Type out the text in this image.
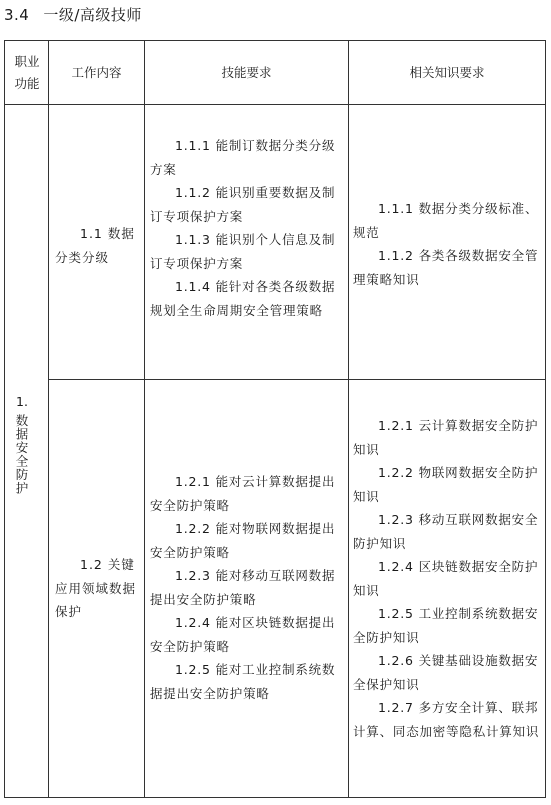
3.4 一级/高级技师
职业功能
工作内容	技能要求	相关知识要求
1.
数据安全防护

1.1 数据分类分级

1.1.1 能制订数据分类分级方案

1.1.2 能识别重要数据及制订专项保护方案

1.1.3 能识别个人信息及制订专项保护方案

1.1.4 能针对各类各级数据规划全生命周期安全管理策略

1.1.1 数据分类分级标准、规范

1.1.2 各类各级数据安全管理策略知识

1.2 关键应用领域数据保护

1.2.1 能对云计算数据提出安全防护策略

1.2.2 能对物联网数据提出安全防护策略

1.2.3 能对移动互联网数据提出安全防护策略

1.2.4 能对区块链数据提出安全防护策略

1.2.5 能对工业控制系统数据提出安全防护策略

1.2.1 云计算数据安全防护知识

1.2.2 物联网数据安全防护知识

1.2.3 移动互联网数据安全防护知识

1.2.4 区块链数据安全防护知识

1.2.5 工业控制系统数据安全防护知识

1.2.6 关键基础设施数据安全保护知识

1.2.7 多方安全计算、联邦计算、同态加密等隐私计算知识
